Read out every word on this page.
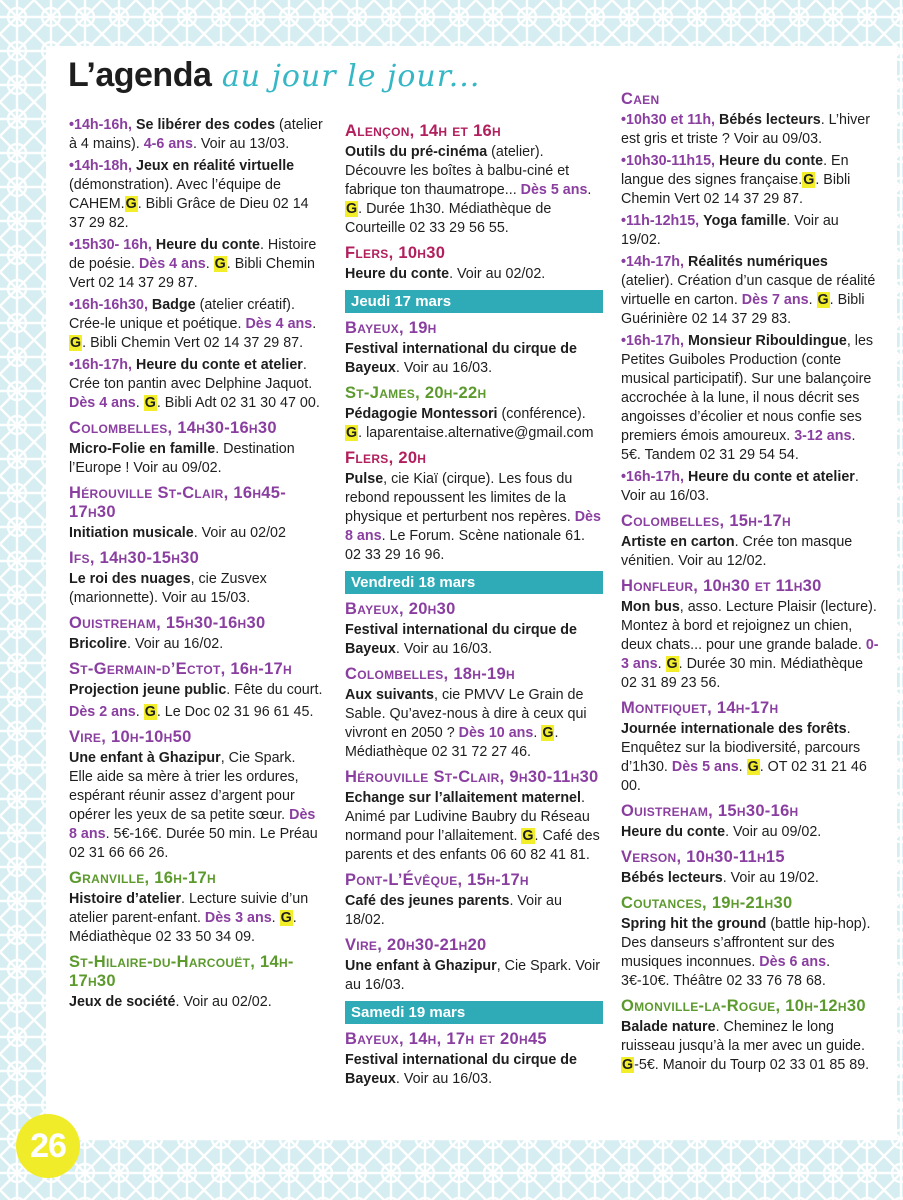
26
L’agenda au jour le jour...

•14h-16h, Se libérer des codes (atelier à 4 mains). 4-6 ans. Voir au 13/03.

•14h-18h, Jeux en réalité virtuelle (démonstration). Avec l’équipe de CAHEM.G. Bibli Grâce de Dieu 02 14 37 29 82.

•15h30- 16h, Heure du conte. Histoire de poésie. Dès 4 ans. G. Bibli Chemin Vert 02 14 37 29 87.

•16h-16h30, Badge (atelier créatif). Crée-le unique et poétique. Dès 4 ans. G. Bibli Chemin Vert 02 14 37 29 87.

•16h-17h, Heure du conte et atelier. Crée ton pantin avec Delphine Jaquot. Dès 4 ans. G. Bibli Adt 02 31 30 47 00.

Colombelles, 14h30-16h30

Micro-Folie en famille. Destination l’Europe ! Voir au 09/02.

Hérouville St-Clair, 16h45-17h30

Initiation musicale. Voir au 02/02

Ifs, 14h30-15h30

Le roi des nuages, cie Zusvex (marionnette). Voir au 15/03.

Ouistreham, 15h30-16h30

Bricolire. Voir au 16/02.

St-Germain-d’Ectot, 16h-17h

Projection jeune public. Fête du court.

Dès 2 ans. G. Le Doc 02 31 96 61 45.

Vire, 10h-10h50

Une enfant à Ghazipur, Cie Spark. Elle aide sa mère à trier les ordures, espérant réunir assez d’argent pour opérer les yeux de sa petite sœur. Dès 8 ans. 5€-16€. Durée 50 min. Le Préau 02 31 66 66 26.

Granville, 16h-17h

Histoire d’atelier. Lecture suivie d’un atelier parent-enfant. Dès 3 ans. G. Médiathèque 02 33 50 34 09.

St-Hilaire-du-Harcouët, 14h-17h30

Jeux de société. Voir au 02/02.

Alençon, 14h et 16h

Outils du pré-cinéma (atelier). Découvre les boîtes à balbu-ciné et fabrique ton thaumatrope... Dès 5 ans. G. Durée 1h30. Médiathèque de Courteille 02 33 29 56 55.

Flers, 10h30

Heure du conte. Voir au 02/02.

Jeudi 17 mars
Bayeux, 19h

Festival international du cirque de Bayeux. Voir au 16/03.

St-James, 20h-22h

Pédagogie Montessori (conférence). G. laparentaise.alternative@gmail.com

Flers, 20h

Pulse, cie Kiaï (cirque). Les fous du rebond repoussent les limites de la physique et perturbent nos repères. Dès 8 ans. Le Forum. Scène nationale 61. 02 33 29 16 96.

Vendredi 18 mars
Bayeux, 20h30

Festival international du cirque de Bayeux. Voir au 16/03.

Colombelles, 18h-19h

Aux suivants, cie PMVV Le Grain de Sable. Qu’avez-nous à dire à ceux qui vivront en 2050 ? Dès 10 ans. G. Médiathèque 02 31 72 27 46.

Hérouville St-Clair, 9h30-11h30

Echange sur l’allaitement maternel. Animé par Ludivine Baubry du Réseau normand pour l’allaitement. G. Café des parents et des enfants 06 60 82 41 81.

Pont-L’Évêque, 15h-17h

Café des jeunes parents. Voir au 18/02.

Vire, 20h30-21h20

Une enfant à Ghazipur, Cie Spark. Voir au 16/03.

Samedi 19 mars
Bayeux, 14h, 17h et 20h45

Festival international du cirque de Bayeux. Voir au 16/03.

Caen

•10h30 et 11h, Bébés lecteurs. L’hiver est gris et triste ? Voir au 09/03.

•10h30-11h15, Heure du conte. En langue des signes française.G. Bibli Chemin Vert 02 14 37 29 87.

•11h-12h15, Yoga famille. Voir au 19/02.

•14h-17h, Réalités numériques (atelier). Création d’un casque de réalité virtuelle en carton. Dès 7 ans. G. Bibli Guérinière 02 14 37 29 83.

•16h-17h, Monsieur Ribouldingue, les Petites Guiboles Production (conte musical participatif). Sur une balançoire accrochée à la lune, il nous décrit ses angoisses d’écolier et nous confie ses premiers émois amoureux. 3-12 ans. 5€. Tandem 02 31 29 54 54.

•16h-17h, Heure du conte et atelier. Voir au 16/03.

Colombelles, 15h-17h

Artiste en carton. Crée ton masque vénitien. Voir au 12/02.

Honfleur, 10h30 et 11h30

Mon bus, asso. Lecture Plaisir (lecture). Montez à bord et rejoignez un chien, deux chats... pour une grande balade. 0-3 ans. G. Durée 30 min. Médiathèque 02 31 89 23 56.

Montfiquet, 14h-17h

Journée internationale des forêts. Enquêtez sur la biodiversité, parcours d’1h30. Dès 5 ans. G. OT 02 31 21 46 00.

Ouistreham, 15h30-16h

Heure du conte. Voir au 09/02.

Verson, 10h30-11h15

Bébés lecteurs. Voir au 19/02.

Coutances, 19h-21h30

Spring hit the ground (battle hip-hop). Des danseurs s’affrontent sur des musiques inconnues. Dès 6 ans. 3€-10€. Théâtre 02 33 76 78 68.

Omonville-la-Rogue, 10h-12h30

Balade nature. Cheminez le long ruisseau jusqu’à la mer avec un guide. G-5€. Manoir du Tourp 02 33 01 85 89.
